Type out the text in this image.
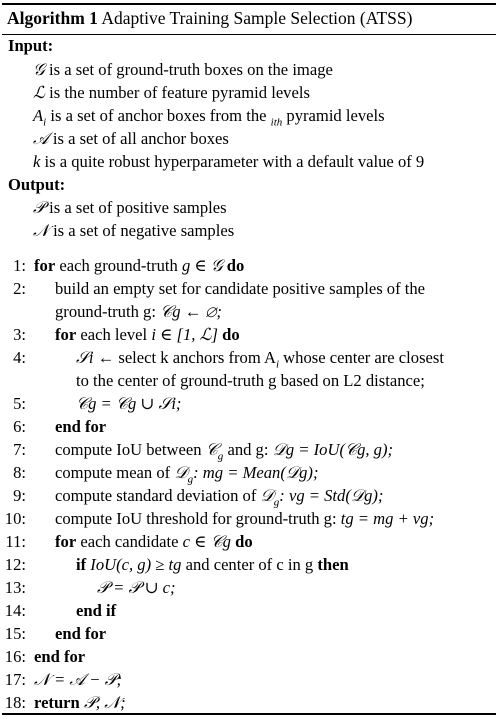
Algorithm 1 Adaptive Training Sample Selection (ATSS)
Input:
𝒢 is a set of ground-truth boxes on the image
ℒ is the number of feature pyramid levels
$A_i$ is a set of anchor boxes from the $_{ith}$ pyramid levels
𝒜 is a set of all anchor boxes
k is a quite robust hyperparameter with a default value of 9
Output:
𝒫 is a set of positive samples
𝒩 is a set of negative samples
1: for each ground-truth g ∈ 𝒢 do
2: build an empty set for candidate positive samples of the
ground-truth g: 𝒞g ← ∅;
3: for each level i ∈ [1, ℒ] do
4:	𝒮i ← select k anchors from $A_i$ whose center are closest
to the center of ground-truth g based on L2 distance;
5:	𝒞g = 𝒞g ∪ 𝒮i;
6: end for
7: compute IoU between 𝒞$_g$ and g: 𝒟g = IoU(𝒞g, g);
8: compute mean of 𝒟$_g$: mg = Mean(𝒟g);
9: compute standard deviation of 𝒟$_g$: vg = Std(𝒟g);
10: compute IoU threshold for ground-truth g: tg = mg + vg;
11: for each candidate c ∈ 𝒞g do
12:	if IoU(c, g) ≥ tg and center of c in g then
13:	𝒫 = 𝒫 ∪ c;
14:	end if
15: end for
16: end for
17: 𝒩 = 𝒜 − 𝒫;
18: return 𝒫, 𝒩;
